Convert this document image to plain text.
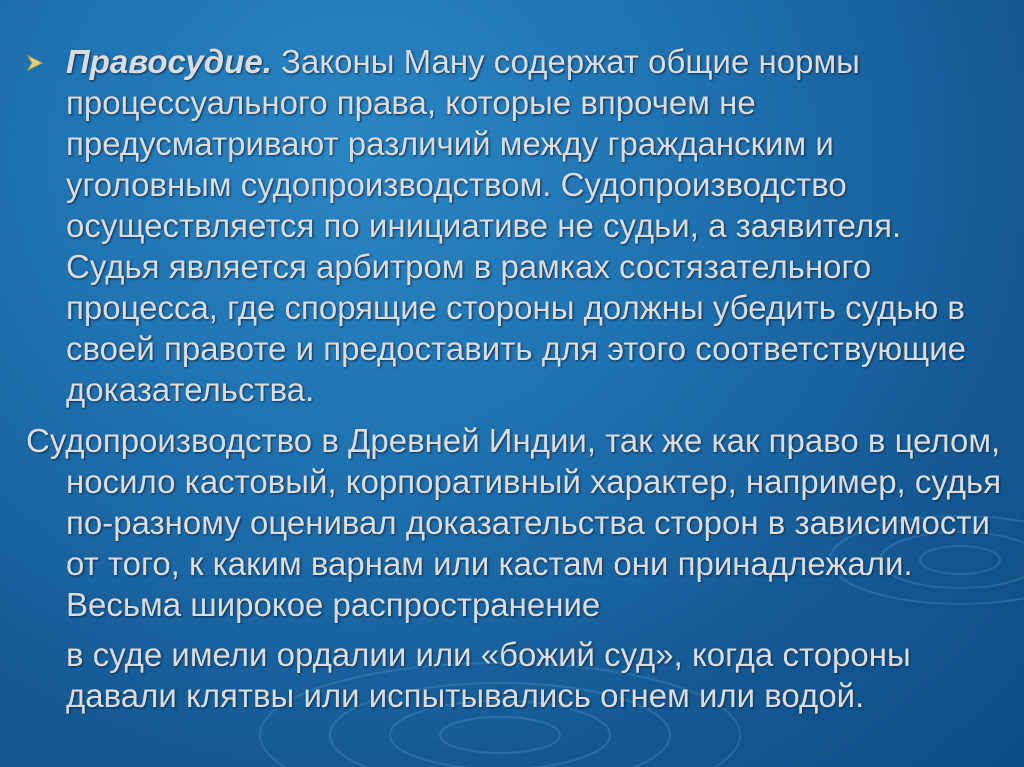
Правосудие. Законы Ману содержат общие нормы процессуального права, которые впрочем не предусматривают различий между гражданским и уголовным судопроизводством. Судопроизводство осуществляется по инициативе не судьи, а заявителя. Судья является арбитром в рамках состязательного процесса, где спорящие стороны должны убедить судью в своей правоте и предоставить для этого соответствующие доказательства.
Судопроизводство в Древней Индии, так же как право в целом, носило кастовый, корпоративный характер, например, судья по-разному оценивал доказательства сторон в зависимости от того, к каким варнам или кастам они принадлежали. Весьма широкое распространение
в суде имели ордалии или «божий суд», когда стороны давали клятвы или испытывались огнем или водой.
